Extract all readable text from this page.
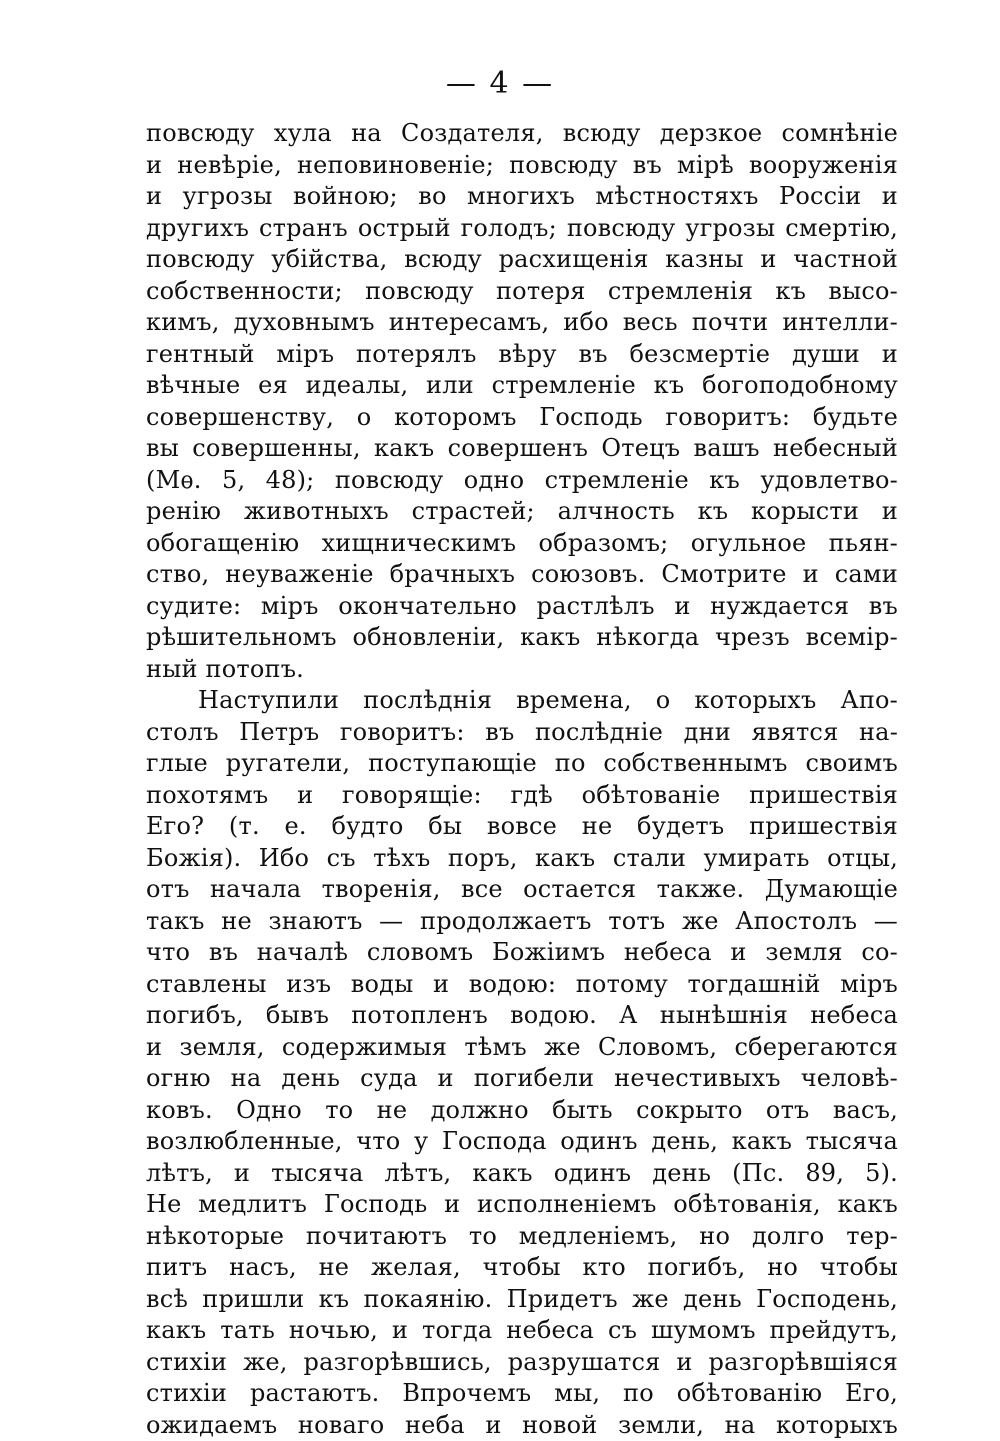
— 4 —
повсюду хула на Создателя, всюду дерзкое сомнѣніе
и невѣріе, неповиновеніе; повсюду въ мірѣ вооруженія
и угрозы войною; во многихъ мѣстностяхъ Россіи и
другихъ странъ острый голодъ; повсюду угрозы смертію,
повсюду убійства, всюду расхищенія казны и частной
собственности; повсюду потеря стремленія къ высо-
кимъ, духовнымъ интересамъ, ибо весь почти интелли-
гентный міръ потерялъ вѣру въ безсмертіе души и
вѣчные ея идеалы, или стремленіе къ богоподобному
совершенству, о которомъ Господь говоритъ: будьте
вы совершенны, какъ совершенъ Отецъ вашъ небесный
(Мѳ. 5, 48); повсюду одно стремленіе къ удовлетво-
ренію животныхъ страстей; алчность къ корысти и
обогащенію хищническимъ образомъ; огульное пьян-
ство, неуваженіе брачныхъ союзовъ. Смотрите и сами
судите: міръ окончательно растлѣлъ и нуждается въ
рѣшительномъ обновленіи, какъ нѣкогда чрезъ всемір-
ный потопъ.
Наступили послѣднія времена, о которыхъ Апо-
столъ Петръ говоритъ: въ послѣдніе дни явятся на-
глые ругатели, поступающіе по собственнымъ своимъ
похотямъ и говорящіе: гдѣ обѣтованіе пришествія
Его? (т. е. будто бы вовсе не будетъ пришествія
Божія). Ибо съ тѣхъ поръ, какъ стали умирать отцы,
отъ начала творенія, все остается также. Думающіе
такъ не знаютъ — продолжаетъ тотъ же Апостолъ —
что въ началѣ словомъ Божіимъ небеса и земля со-
ставлены изъ воды и водою: потому тогдашній міръ
погибъ, бывъ потопленъ водою. А нынѣшнія небеса
и земля, содержимыя тѣмъ же Словомъ, сберегаются
огню на день суда и погибели нечестивыхъ человѣ-
ковъ. Одно то не должно быть сокрыто отъ васъ,
возлюбленные, что у Господа одинъ день, какъ тысяча
лѣтъ, и тысяча лѣтъ, какъ одинъ день (Пс. 89, 5).
Не медлитъ Господь и исполненіемъ обѣтованія, какъ
нѣкоторые почитаютъ то медленіемъ, но долго тер-
питъ насъ, не желая, чтобы кто погибъ, но чтобы
всѣ пришли къ покаянію. Придетъ же день Господень,
какъ тать ночью, и тогда небеса съ шумомъ прейдутъ,
стихіи же, разгорѣвшись, разрушатся и разгорѣвшіяся
стихіи растаютъ. Впрочемъ мы, по обѣтованію Его,
ожидаемъ новаго неба и новой земли, на которыхъ
